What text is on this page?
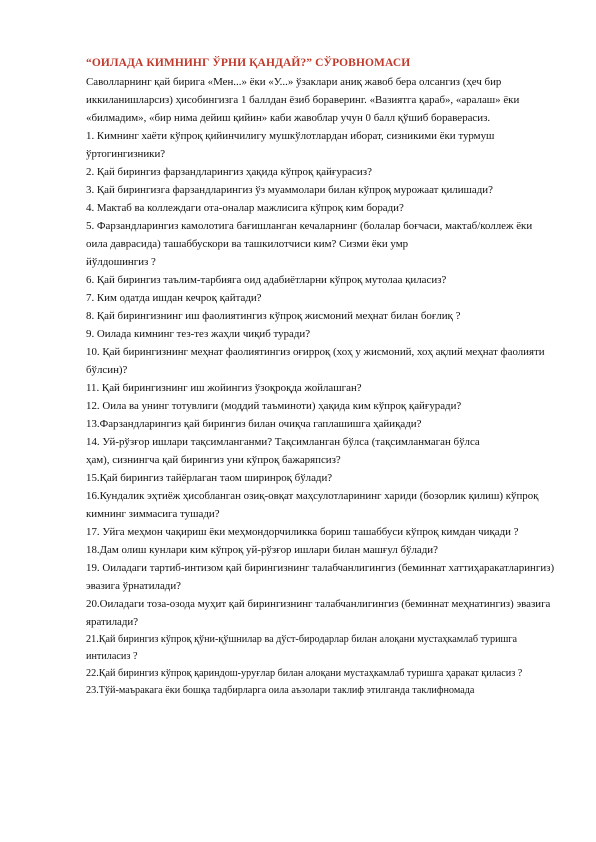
“ОИЛАДА КИМНИНГ ЎРНИ ҚАНДАЙ?” СЎРОВНОМАСИ

Саволларнинг қай бирига «Мен...» ёки «У...» ўзаклари аниқ жавоб бера олсангиз (ҳеч бир иккиланишларсиз) ҳисобингизга 1 баллдан ёзиб бораверинг. «Вазиятга қараб», «аралаш» ёки «билмадим», «бир нима дейиш қийин» каби жавоблар учун 0 балл қўшиб бораверасиз.

1. Кимнинг хаёти кўпроқ қийинчилигу мушкўлотлардан иборат, сизникими ёки турмуш ўртогингизники?

2. Қай бирингиз фарзандларингиз ҳақида кўпроқ қайғурасиз?

3. Қай бирингизга фарзандларингиз ўз муаммолари билан кўпроқ мурожаат қилишади?

4. Мактаб ва коллеждаги ота-оналар мажлисига кўпроқ ким боради?

5. Фарзандларингиз камолотига бағишланган кечаларнинг (болалар боғчаси, мактаб/коллеж ёки оила даврасида) ташаббускори ва ташкилотчиси ким? Сизми ёки умр

йўлдошингиз ?

6. Қай бирингиз таълим-тарбияга оид адабиётларни кўпроқ мутолаа қиласиз?

7. Ким одатда ишдан кечроқ қайтади?

8. Қай бирингизнинг иш фаолиятингиз кўпроқ жисмоний меҳнат билан боғлиқ ?

9. Оилада кимнинг тез-тез жаҳли чиқиб туради?

10. Қай бирингизнинг меҳнат фаолиятингиз оғирроқ (хоҳ у жисмоний, хоҳ ақлий меҳнат фаолияти бўлсин)?

11. Қай бирингизнинг иш жойингиз ўзоқроқда жойлашган?

12. Оила ва унинг тотувлиги (моддий таъминоти) ҳақида ким кўпроқ қайғуради?

13.Фарзандларингиз қай бирингиз билан очиқча гаплашишга ҳайиқади?

14. Уй-рўзғор ишлари тақсимланганми? Тақсимланган бўлса (тақсимланмаган бўлса

ҳам), сизнингча қай бирингиз уни кўпроқ бажаряпсиз?

15.Қай бирингиз тайёрлаган таом ширинроқ бўлади?

16.Кундалик эҳтиёж ҳисобланган озиқ-овқат маҳсулотларининг хариди (бозорлик қилиш) кўпроқ кимнинг зиммасига тушади?

17. Уйга меҳмон чақириш ёки меҳмондорчиликка бориш ташаббуси кўпроқ кимдан чиқади ?

18.Дам олиш кунлари ким кўпроқ уй-рўзғор ишлари билан машғул бўлади?

19. Оиладаги тартиб-интизом қай бирингизнинг талабчанлигингиз (беминнат хаттиҳаракатларингиз) эвазига ўрнатилади?

20.Оиладаги тоза-озода муҳит қай бирингизнинг талабчанлигингиз (беминнат меҳнатингиз) эвазига яратилади?

21.Қай бирингиз кўпроқ қўни-қўшнилар ва дўст-биродарлар билан алоқани мустаҳкамлаб туришга интиласиз ?

22.Қай бирингиз кўпроқ қариндош-уруғлар билан алоқани мустаҳкамлаб туришга ҳаракат қиласиз ?

23.Тўй-маъракага ёки бошқа тадбирларга оила аъзолари таклиф этилганда таклифномада
